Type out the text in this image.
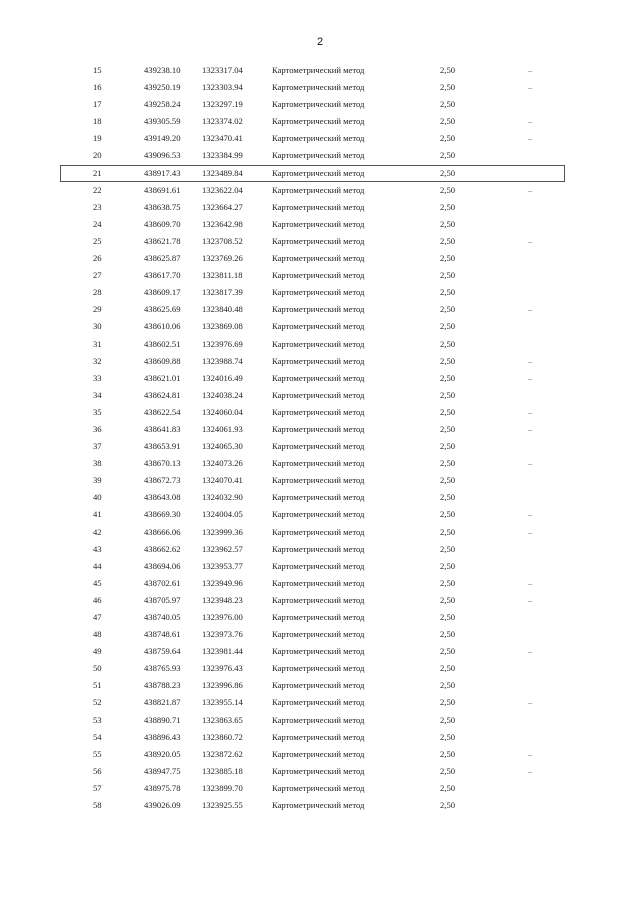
2
15	439238.10	1323317.04	Картометрический метод	2,50	–
16	439250.19	1323303.94	Картометрический метод	2,50	–
17	439258.24	1323297.19	Картометрический метод	2,50
18	439305.59	1323374.02	Картометрический метод	2,50	–
19	439149.20	1323470.41	Картометрический метод	2,50	–
20	439096.53	1323384.99	Картометрический метод	2,50
21	438917.43	1323489.84	Картометрический метод	2,50
22	438691.61	1323622.04	Картометрический метод	2,50	–
23	438638.75	1323664.27	Картометрический метод	2,50
24	438609.70	1323642.98	Картометрический метод	2,50
25	438621.78	1323708.52	Картометрический метод	2,50	–
26	438625.87	1323769.26	Картометрический метод	2,50
27	438617.70	1323811.18	Картометрический метод	2,50
28	438609.17	1323817.39	Картометрический метод	2,50
29	438625.69	1323840.48	Картометрический метод	2,50	–
30	438610.06	1323869.08	Картометрический метод	2,50
31	438602.51	1323976.69	Картометрический метод	2,50
32	438609.88	1323988.74	Картометрический метод	2,50	–
33	438621.01	1324016.49	Картометрический метод	2,50	–
34	438624.81	1324038.24	Картометрический метод	2,50
35	438622.54	1324060.04	Картометрический метод	2,50	–
36	438641.83	1324061.93	Картометрический метод	2,50	–
37	438653.91	1324065.30	Картометрический метод	2,50
38	438670.13	1324073.26	Картометрический метод	2,50	–
39	438672.73	1324070.41	Картометрический метод	2,50
40	438643.08	1324032.90	Картометрический метод	2,50
41	438669.30	1324004.05	Картометрический метод	2,50	–
42	438666.06	1323999.36	Картометрический метод	2,50	–
43	438662.62	1323962.57	Картометрический метод	2,50
44	438694.06	1323953.77	Картометрический метод	2,50
45	438702.61	1323949.96	Картометрический метод	2,50	–
46	438705.97	1323948.23	Картометрический метод	2,50	–
47	438740.05	1323976.00	Картометрический метод	2,50
48	438748.61	1323973.76	Картометрический метод	2,50
49	438759.64	1323981.44	Картометрический метод	2,50	–
50	438765.93	1323976.43	Картометрический метод	2,50
51	438788.23	1323996.86	Картометрический метод	2,50
52	438821.87	1323955.14	Картометрический метод	2,50	–
53	438890.71	1323863.65	Картометрический метод	2,50
54	438896.43	1323860.72	Картометрический метод	2,50
55	438920.05	1323872.62	Картометрический метод	2,50	–
56	438947.75	1323885.18	Картометрический метод	2,50	–
57	438975.78	1323899.70	Картометрический метод	2,50
58	439026.09	1323925.55	Картометрический метод	2,50
